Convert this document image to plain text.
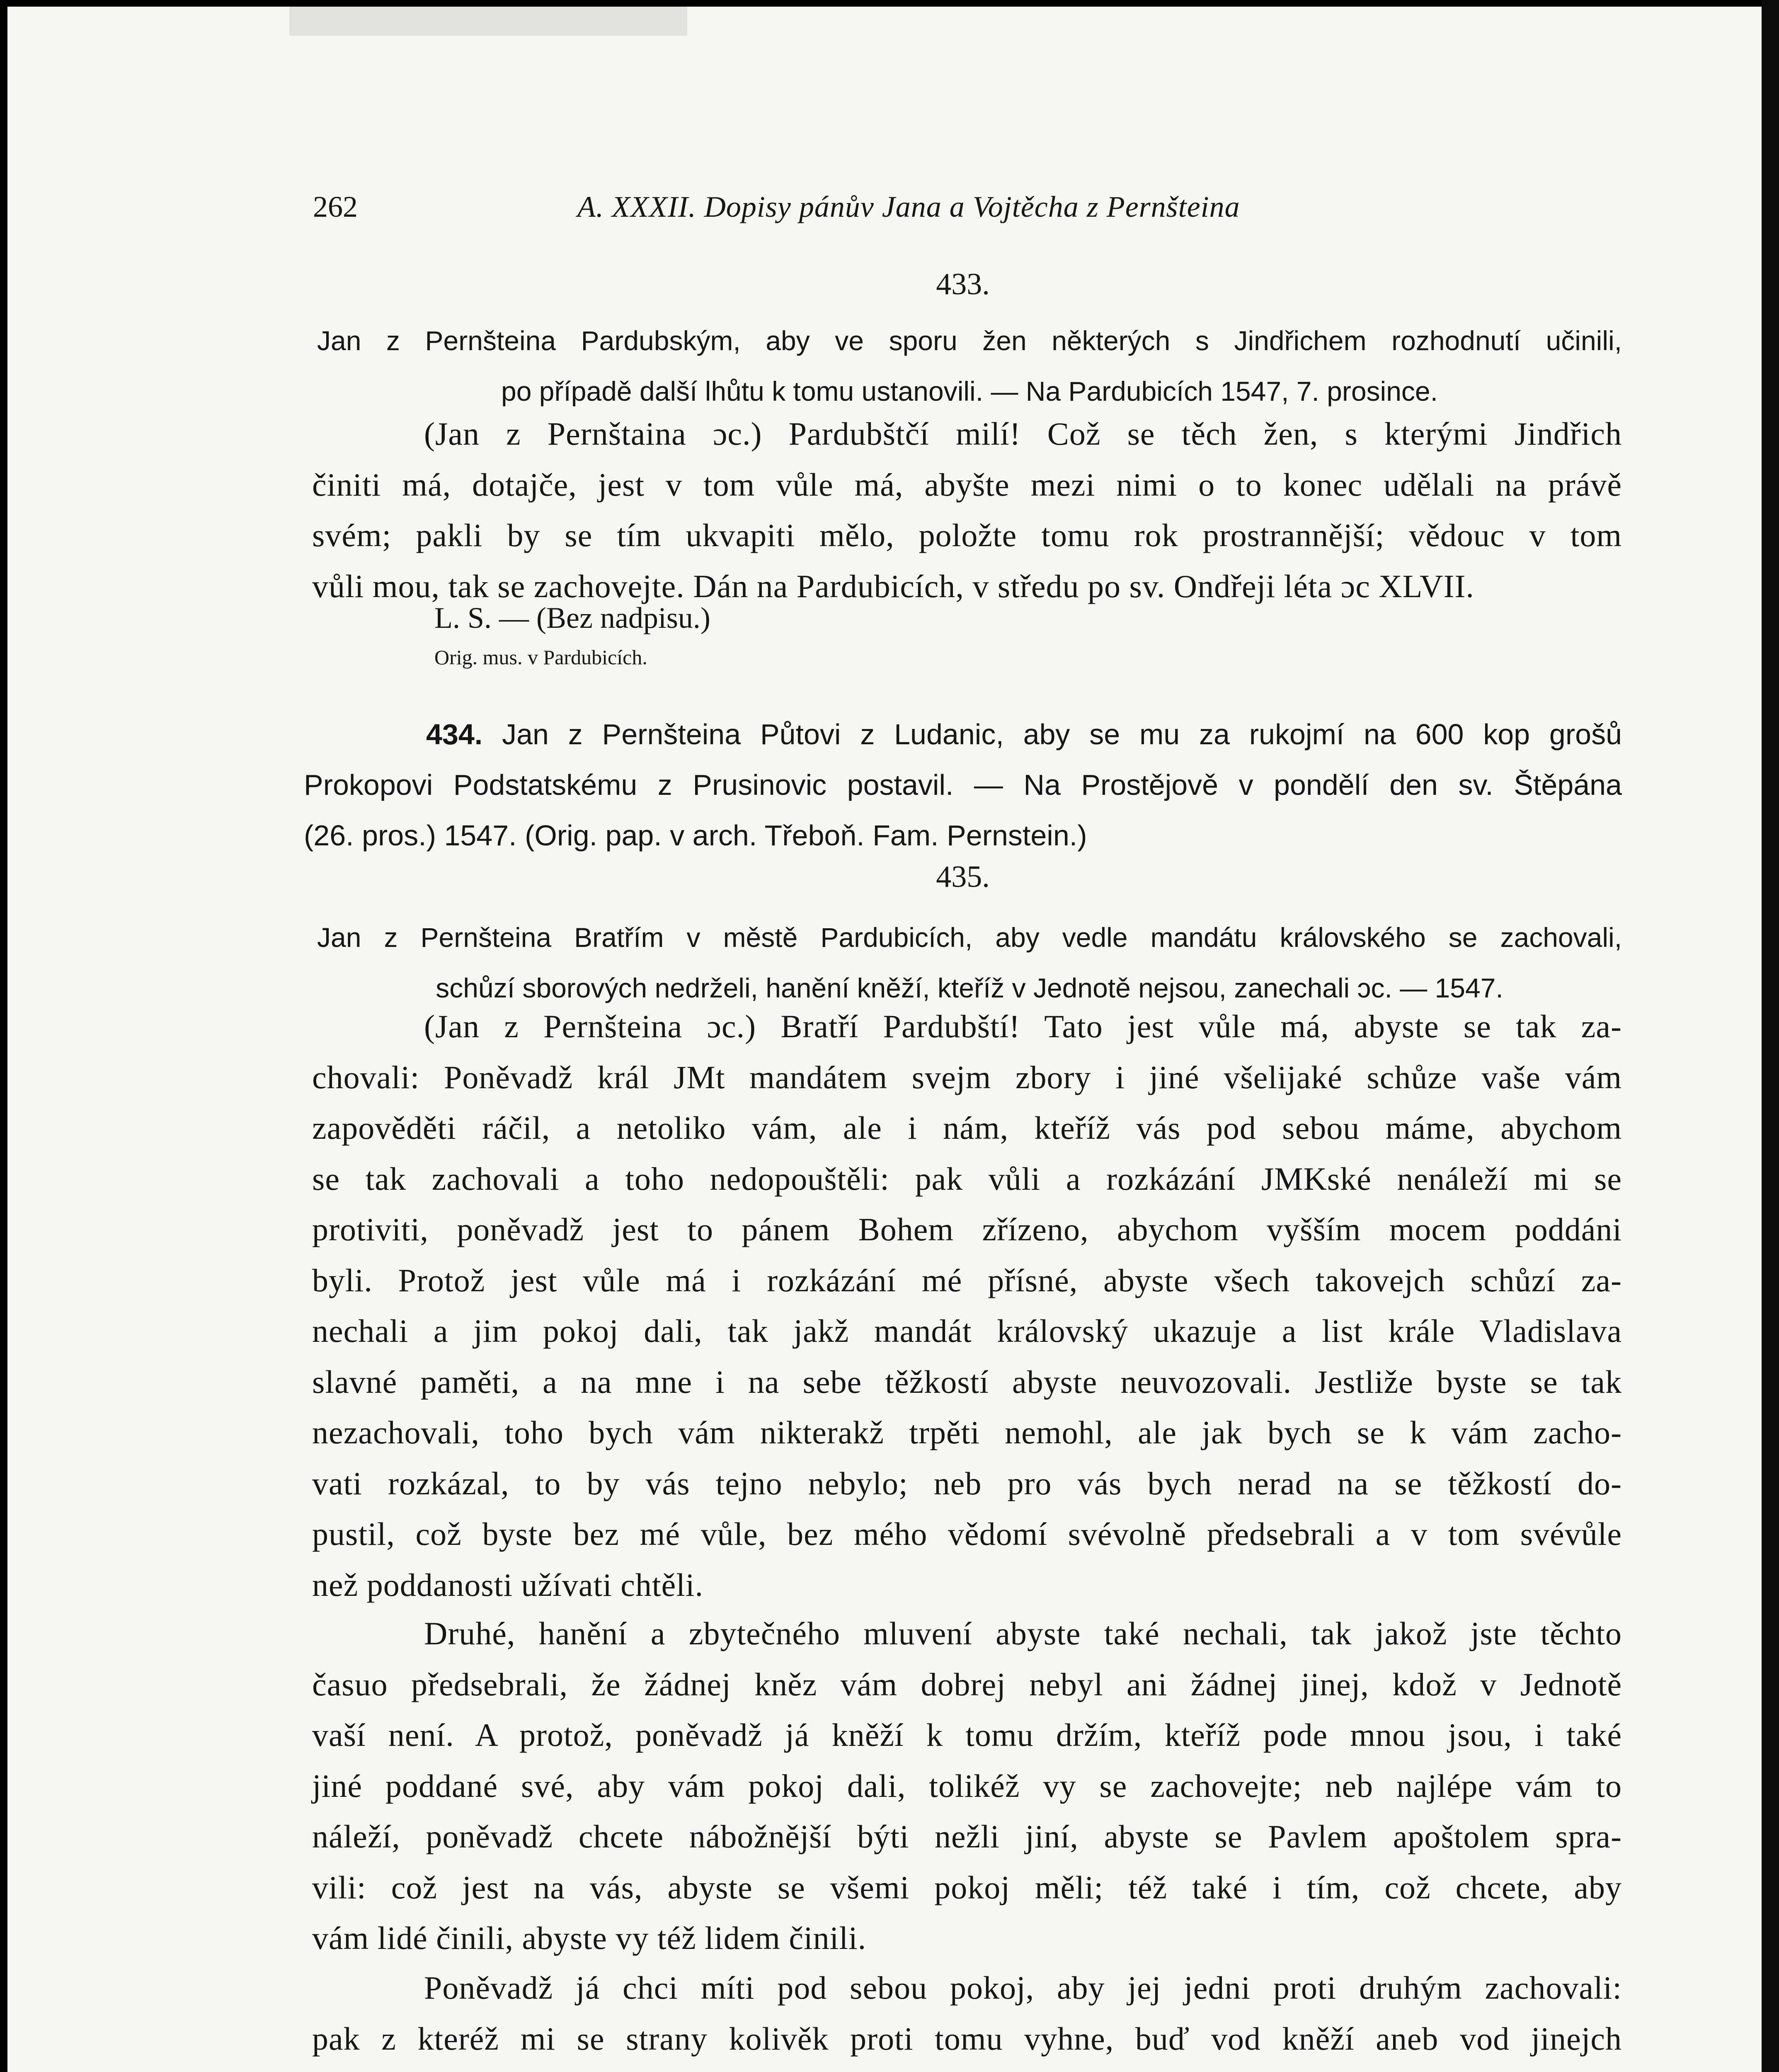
262	A. XXXII. Dopisy pánův Jana a Vojtěcha z Pernšteina
433.

Jan z Pernšteina Pardubským, aby ve sporu žen některých s Jindřichem rozhodnutí učinili,

po případě další lhůtu k tomu ustanovili. — Na Pardubicích 1547, 7. prosince.

(Jan z Pernštaina ɔc.) Pardubštčí milí! Což se těch žen, s kterými Jindřich

činiti má, dotajče, jest v tom vůle má, abyšte mezi nimi o to konec udělali na právě

svém; pakli by se tím ukvapiti mělo, položte tomu rok prostrannější; vědouc v tom

vůli mou, tak se zachovejte. Dán na Pardubicích, v středu po sv. Ondřeji léta ɔc XLVII.

L. S. — (Bez nadpisu.)
Orig. mus. v Pardubicích.

434. Jan z Pernšteina Půtovi z Ludanic, aby se mu za rukojmí na 600 kop grošů

Prokopovi Podstatskému z Prusinovic postavil. — Na Prostějově v pondělí den sv. Štěpána

(26. pros.) 1547. (Orig. pap. v arch. Třeboň. Fam. Pernstein.)

435.

Jan z Pernšteina Bratřím v městě Pardubicích, aby vedle mandátu královského se zachovali,

schůzí sborových nedrželi, hanění kněží, kteříž v Jednotě nejsou, zanechali ɔc. — 1547.

(Jan z Pernšteina ɔc.) Bratří Pardubští! Tato jest vůle má, abyste se tak za-

chovali: Poněvadž král JMt mandátem svejm zbory i jiné všelijaké schůze vaše vám

zapověděti ráčil, a netoliko vám, ale i nám, kteříž vás pod sebou máme, abychom

se tak zachovali a toho nedopouštěli: pak vůli a rozkázání JMKské nenáleží mi se

protiviti, poněvadž jest to pánem Bohem zřízeno, abychom vyšším mocem poddáni

byli. Protož jest vůle má i rozkázání mé přísné, abyste všech takovejch schůzí za-

nechali a jim pokoj dali, tak jakž mandát královský ukazuje a list krále Vladislava

slavné paměti, a na mne i na sebe těžkostí abyste neuvozovali. Jestliže byste se tak

nezachovali, toho bych vám nikterakž trpěti nemohl, ale jak bych se k vám zacho-

vati rozkázal, to by vás tejno nebylo; neb pro vás bych nerad na se těžkostí do-

pustil, což byste bez mé vůle, bez mého vědomí svévolně předsebrali a v tom svévůle

než poddanosti užívati chtěli.

Druhé, hanění a zbytečného mluvení abyste také nechali, tak jakož jste těchto

časuo předsebrali, že žádnej kněz vám dobrej nebyl ani žádnej jinej, kdož v Jednotě

vaší není. A protož, poněvadž já kněží k tomu držím, kteříž pode mnou jsou, i také

jiné poddané své, aby vám pokoj dali, tolikéž vy se zachovejte; neb najlépe vám to

náleží, poněvadž chcete nábožnější býti nežli jiní, abyste se Pavlem apoštolem spra-

vili: což jest na vás, abyste se všemi pokoj měli; též také i tím, což chcete, aby

vám lidé činili, abyste vy též lidem činili.

Poněvadž já chci míti pod sebou pokoj, aby jej jedni proti druhým zachovali:

pak z kteréž mi se strany kolivěk proti tomu vyhne, buď vod kněží aneb vod jinejch
